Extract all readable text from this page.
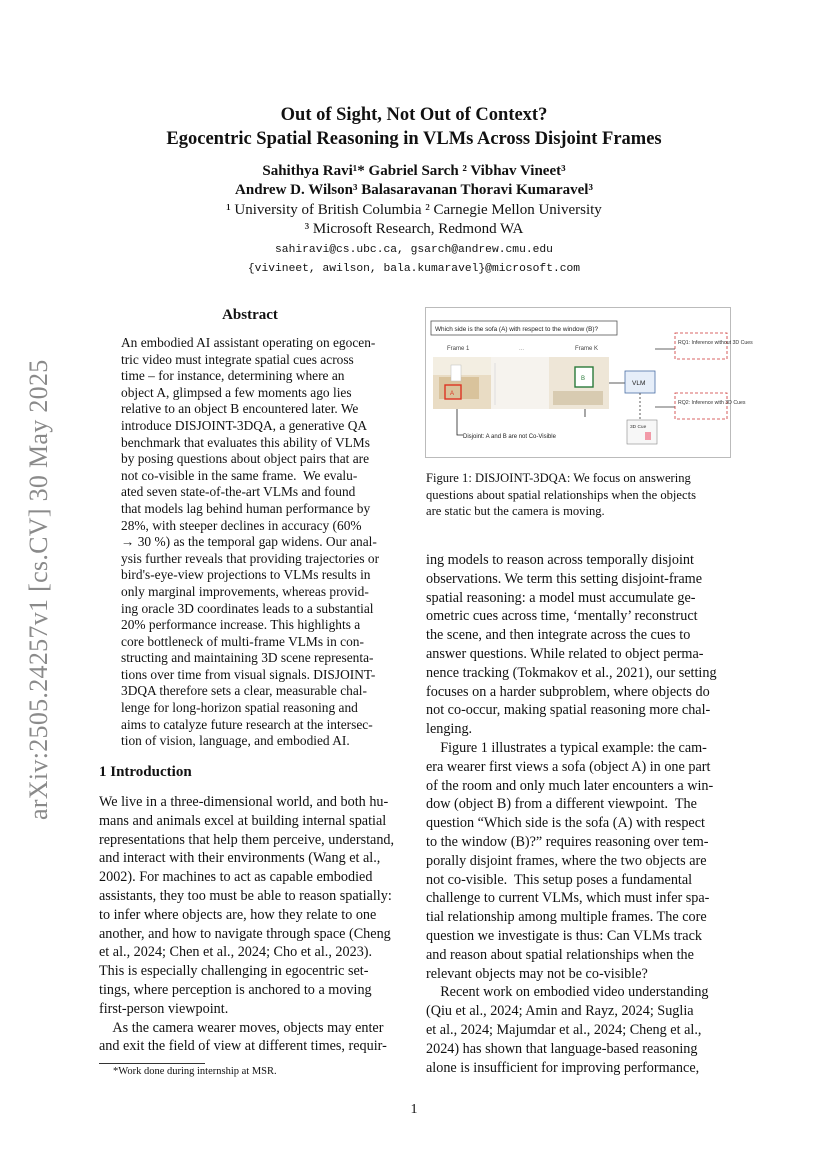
arXiv:2505.24257v1 [cs.CV] 30 May 2025
Out of Sight, Not Out of Context?
Egocentric Spatial Reasoning in VLMs Across Disjoint Frames
Sahithya Ravi¹* Gabriel Sarch ² Vibhav Vineet³
Andrew D. Wilson³ Balasaravanan Thoravi Kumaravel³
¹ University of British Columbia ² Carnegie Mellon University
³ Microsoft Research, Redmond WA
sahiravi@cs.ubc.ca, gsarch@andrew.cmu.edu
{vivineet, awilson, bala.kumaravel}@microsoft.com
Abstract
An embodied AI assistant operating on egocen-
tric video must integrate spatial cues across
time – for instance, determining where an
object A, glimpsed a few moments ago lies
relative to an object B encountered later. We
introduce DISJOINT-3DQA, a generative QA
benchmark that evaluates this ability of VLMs
by posing questions about object pairs that are
not co-visible in the same frame.  We evalu-
ated seven state-of-the-art VLMs and found
that models lag behind human performance by
28%, with steeper declines in accuracy (60%
→ 30 %) as the temporal gap widens. Our anal-
ysis further reveals that providing trajectories or
bird's-eye-view projections to VLMs results in
only marginal improvements, whereas provid-
ing oracle 3D coordinates leads to a substantial
20% performance increase. This highlights a
core bottleneck of multi-frame VLMs in con-
structing and maintaining 3D scene representa-
tions over time from visual signals. DISJOINT-
3DQA therefore sets a clear, measurable chal-
lenge for long-horizon spatial reasoning and
aims to catalyze future research at the intersec-
tion of vision, language, and embodied AI.
1 Introduction
We live in a three-dimensional world, and both hu-
mans and animals excel at building internal spatial
representations that help them perceive, understand,
and interact with their environments (Wang et al.,
2002). For machines to act as capable embodied
assistants, they too must be able to reason spatially:
to infer where objects are, how they relate to one
another, and how to navigate through space (Cheng
et al., 2024; Chen et al., 2024; Cho et al., 2023).
This is especially challenging in egocentric set-
tings, where perception is anchored to a moving
first-person viewpoint.
As the camera wearer moves, objects may enter
and exit the field of view at different times, requir-
*Work done during internship at MSR.
1
Which side is the sofa (A) with respect to the window (B)?
Frame 1	Frame K
...
A
B
VLM
RQ1: Inference without 3D Cues
RQ2: Inference with 3D Cues
3D Cue
Disjoint: A and B are not Co-Visible
Figure 1: DISJOINT-3DQA: We focus on answering
questions about spatial relationships when the objects
are static but the camera is moving.
ing models to reason across temporally disjoint
observations. We term this setting disjoint-frame
spatial reasoning: a model must accumulate ge-
ometric cues across time, ‘mentally’ reconstruct
the scene, and then integrate across the cues to
answer questions. While related to object perma-
nence tracking (Tokmakov et al., 2021), our setting
focuses on a harder subproblem, where objects do
not co-occur, making spatial reasoning more chal-
lenging.
Figure 1 illustrates a typical example: the cam-
era wearer first views a sofa (object A) in one part
of the room and only much later encounters a win-
dow (object B) from a different viewpoint.  The
question “Which side is the sofa (A) with respect
to the window (B)?” requires reasoning over tem-
porally disjoint frames, where the two objects are
not co-visible.  This setup poses a fundamental
challenge to current VLMs, which must infer spa-
tial relationship among multiple frames. The core
question we investigate is thus: Can VLMs track
and reason about spatial relationships when the
relevant objects may not be co-visible?
Recent work on embodied video understanding
(Qiu et al., 2024; Amin and Rayz, 2024; Suglia
et al., 2024; Majumdar et al., 2024; Cheng et al.,
2024) has shown that language-based reasoning
alone is insufficient for improving performance,
